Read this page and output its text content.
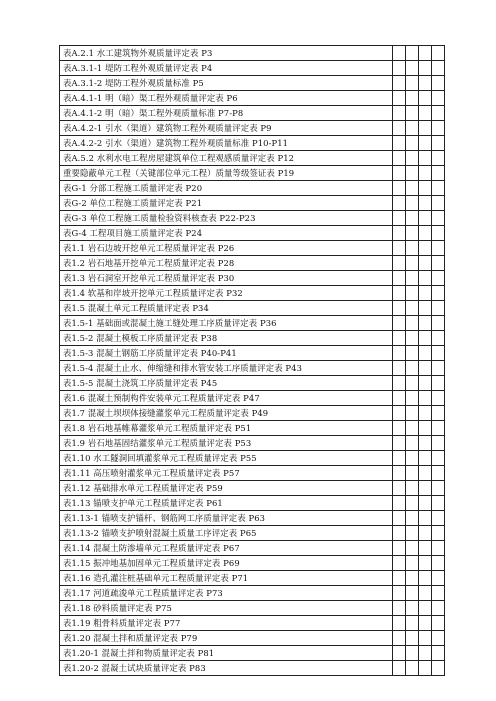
表A.2.1 水工建筑物外观质量评定表 P3				
表A.3.1-1 堤防工程外观质量评定表 P4				
表A.3.1-2 堤防工程外观质量标准 P5				
表A.4.1-1 明（暗）渠工程外观质量评定表 P6				
表A.4.1-2 明（暗）渠工程外观质量标准 P7-P8				
表A.4.2-1 引水（渠道）建筑物工程外观质量评定表 P9				
表A.4.2-2 引水（渠道）建筑物工程外观质量标准 P10-P11				
表A.5.2 水利水电工程房屋建筑单位工程观感质量评定表 P12				
重要隐蔽单元工程（关键部位单元工程）质量等级签证表 P19				
表G-1 分部工程施工质量评定表 P20				
表G-2 单位工程施工质量评定表 P21				
表G-3 单位工程施工质量检验资料核查表 P22-P23				
表G-4 工程项目施工质量评定表 P24				
表1.1 岩石边坡开挖单元工程质量评定表 P26				
表1.2 岩石地基开挖单元工程质量评定表 P28				
表1.3 岩石洞室开挖单元工程质量评定表 P30				
表1.4 软基和岸坡开挖单元工程质量评定表 P32				
表1.5 混凝土单元工程质量评定表 P34				
表1.5-1 基础面或混凝土施工缝处理工序质量评定表 P36				
表1.5-2 混凝土模板工序质量评定表 P38				
表1.5-3 混凝土钢筋工序质量评定表 P40-P41				
表1.5-4 混凝土止水、伸缩缝和排水管安装工序质量评定表 P43				
表1.5-5 混凝土浇筑工序质量评定表 P45				
表1.6 混凝土预制构件安装单元工程质量评定表 P47				
表1.7 混凝土坝坝体接缝灌浆单元工程质量评定表 P49				
表1.8 岩石地基帷幕灌浆单元工程质量评定表 P51				
表1.9 岩石地基固结灌浆单元工程质量评定表 P53				
表1.10 水工隧洞回填灌浆单元工程质量评定表 P55				
表1.11 高压喷射灌浆单元工程质量评定表 P57				
表1.12 基础排水单元工程质量评定表 P59				
表1.13 锚喷支护单元工程质量评定表 P61				
表1.13-1 锚喷支护锚杆、钢筋网工序质量评定表 P63				
表1.13-2 锚喷支护喷射混凝土质量工序评定表 P65				
表1.14 混凝土防渗墙单元工程质量评定表 P67				
表1.15 振冲地基加固单元工程质量评定表 P69				
表1.16 造孔灌注桩基础单元工程质量评定表 P71				
表1.17 河道疏浚单元工程质量评定表 P73				
表1.18 砂料质量评定表 P75				
表1.19 粗骨料质量评定表 P77				
表1.20 混凝土拌和质量评定表 P79				
表1.20-1 混凝土拌和物质量评定表 P81				
表1.20-2 混凝土试块质量评定表 P83				
